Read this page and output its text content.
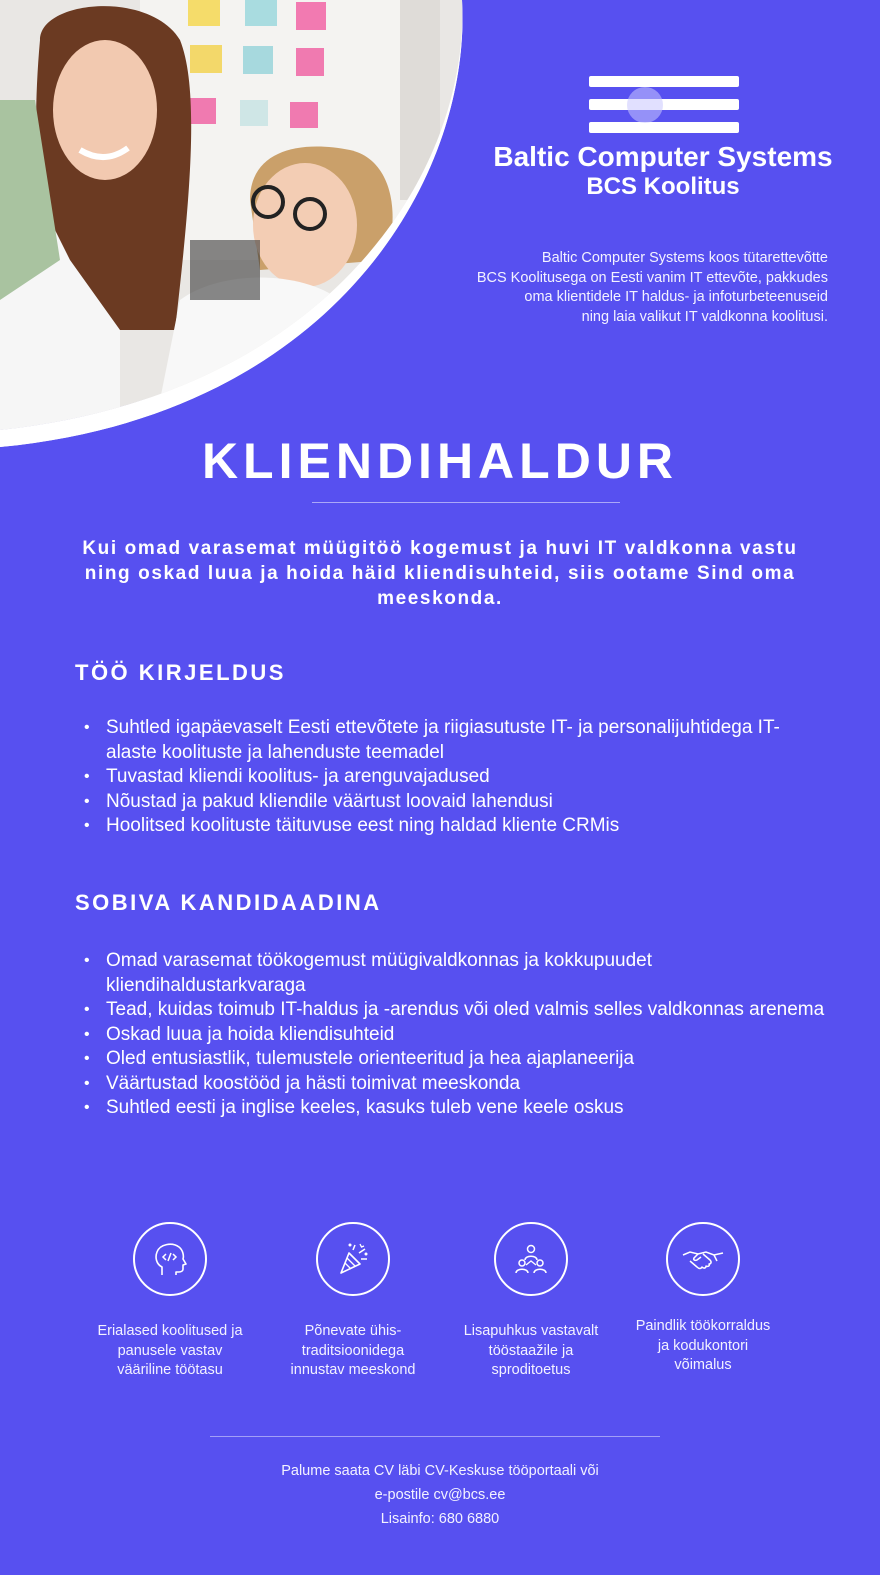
Baltic Computer Systems
BCS Koolitus
Baltic Computer Systems koos tütarettevõtte
BCS Koolitusega on Eesti vanim IT ettevõte, pakkudes
oma klientidele IT haldus- ja infoturbeteenuseid
ning laia valikut IT valdkonna koolitusi.
KLIENDIHALDUR
Kui omad varasemat müügitöö kogemust ja huvi IT valdkonna vastu ning oskad luua ja hoida häid kliendisuhteid, siis ootame Sind oma meeskonda.
TÖÖ KIRJELDUS
• Suhtled igapäevaselt Eesti ettevõtete ja riigiasutuste IT- ja personalijuhtidega IT-alaste koolituste ja lahenduste teemadel
• Tuvastad kliendi koolitus- ja arenguvajadused
• Nõustad ja pakud kliendile väärtust loovaid lahendusi
• Hoolitsed koolituste täituvuse eest ning haldad kliente CRMis
SOBIVA KANDIDAADINA
• Omad varasemat töökogemust müügivaldkonnas ja kokkupuudet kliendihaldustarkvaraga
• Tead, kuidas toimub IT-haldus ja -arendus või oled valmis selles valdkonnas arenema
• Oskad luua ja hoida kliendisuhteid
• Oled entusiastlik, tulemustele orienteeritud ja hea ajaplaneerija
• Väärtustad koostööd ja hästi toimivat meeskonda
• Suhtled eesti ja inglise keeles, kasuks tuleb vene keele oskus
Erialased koolitused ja
panusele vastav
vääriline töötasu
Põnevate ühis-
traditsioonidega
innustav meeskond
Lisapuhkus vastavalt
tööstaažile ja
sproditoetus
Paindlik töökorraldus
ja kodukontori
võimalus
Palume saata CV läbi CV-Keskuse tööportaali või
e-postile cv@bcs.ee
Lisainfo: 680 6880
